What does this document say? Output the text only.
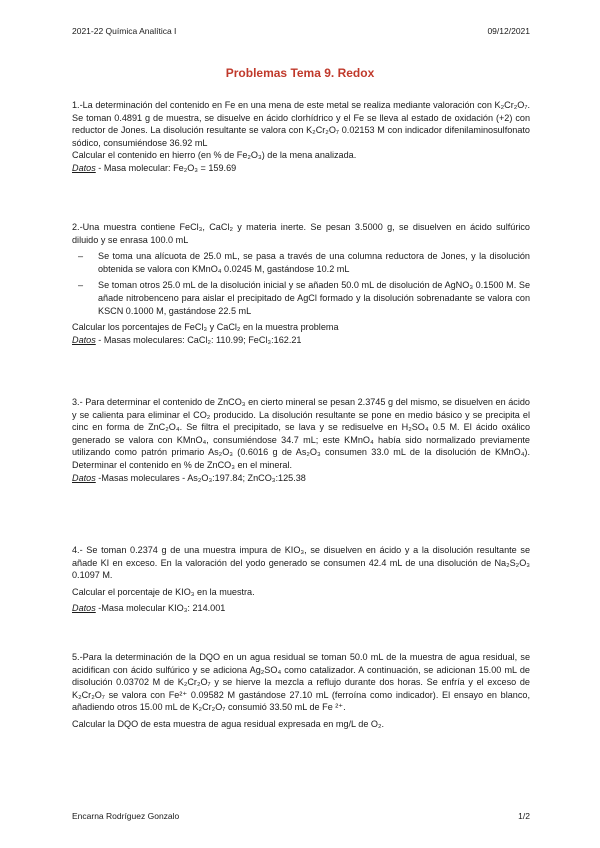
2021-22 Química Analítica I	09/12/2021
Problemas Tema 9. Redox

1.-La determinación del contenido en Fe en una mena de este metal se realiza mediante valoración con K₂Cr₂O₇. Se toman 0.4891 g de muestra, se disuelve en ácido clorhídrico y el Fe se lleva al estado de oxidación (+2) con reductor de Jones. La disolución resultante se valora con K₂Cr₂O₇ 0.02153 M con indicador difenilaminosulfonato sódico, consumiéndose 36.92 mL

Calcular el contenido en hierro (en % de Fe₂O₃) de la mena analizada.

Datos - Masa molecular: Fe₂O₃ = 159.69

2.-Una muestra contiene FeCl₃, CaCl₂ y materia inerte. Se pesan 3.5000 g, se disuelven en ácido sulfúrico diluido y se enrasa 100.0 mL

– Se toma una alícuota de 25.0 mL, se pasa a través de una columna reductora de Jones, y la disolución obtenida se valora con KMnO₄ 0.0245 M, gastándose 10.2 mL

– Se toman otros 25.0 mL de la disolución inicial y se añaden 50.0 mL de disolución de AgNO₃ 0.1500 M. Se añade nitrobenceno para aislar el precipitado de AgCl formado y la disolución sobrenadante se valora con KSCN 0.1000 M, gastándose 22.5 mL

Calcular los porcentajes de FeCl₃ y CaCl₂ en la muestra problema

Datos - Masas moleculares: CaCl₂: 110.99; FeCl₃:162.21

3.- Para determinar el contenido de ZnCO₃ en cierto mineral se pesan 2.3745 g del mismo, se disuelven en ácido y se calienta para eliminar el CO₂ producido. La disolución resultante se pone en medio básico y se precipita el cinc en forma de ZnC₂O₄. Se filtra el precipitado, se lava y se redisuelve en H₂SO₄ 0.5 M. El ácido oxálico generado se valora con KMnO₄, consumiéndose 34.7 mL; este KMnO₄ había sido normalizado previamente utilizando como patrón primario As₂O₃ (0.6016 g de As₂O₃ consumen 33.0 mL de la disolución de KMnO₄). Determinar el contenido en % de ZnCO₃ en el mineral.

Datos -Masas moleculares - As₂O₃:197.84; ZnCO₃:125.38

4.- Se toman 0.2374 g de una muestra impura de KIO₃, se disuelven en ácido y a la disolución resultante se añade KI en exceso. En la valoración del yodo generado se consumen 42.4 mL de una disolución de Na₂S₂O₃ 0.1097 M.

Calcular el porcentaje de KIO₃ en la muestra.

Datos -Masa molecular KIO₃: 214.001

5.-Para la determinación de la DQO en un agua residual se toman 50.0 mL de la muestra de agua residual, se acidifican con ácido sulfúrico y se adiciona Ag₂SO₄ como catalizador. A continuación, se adicionan 15.00 mL de disolución 0.03702 M de K₂Cr₂O₇ y se hierve la mezcla a reflujo durante dos horas. Se enfría y el exceso de K₂Cr₂O₇ se valora con Fe²⁺ 0.09582 M gastándose 27.10 mL (ferroína como indicador). El ensayo en blanco, añadiendo otros 15.00 mL de K₂Cr₂O₇ consumió 33.50 mL de Fe ²⁺.

Calcular la DQO de esta muestra de agua residual expresada en mg/L de O₂.

Encarna Rodríguez Gonzalo	1/2
